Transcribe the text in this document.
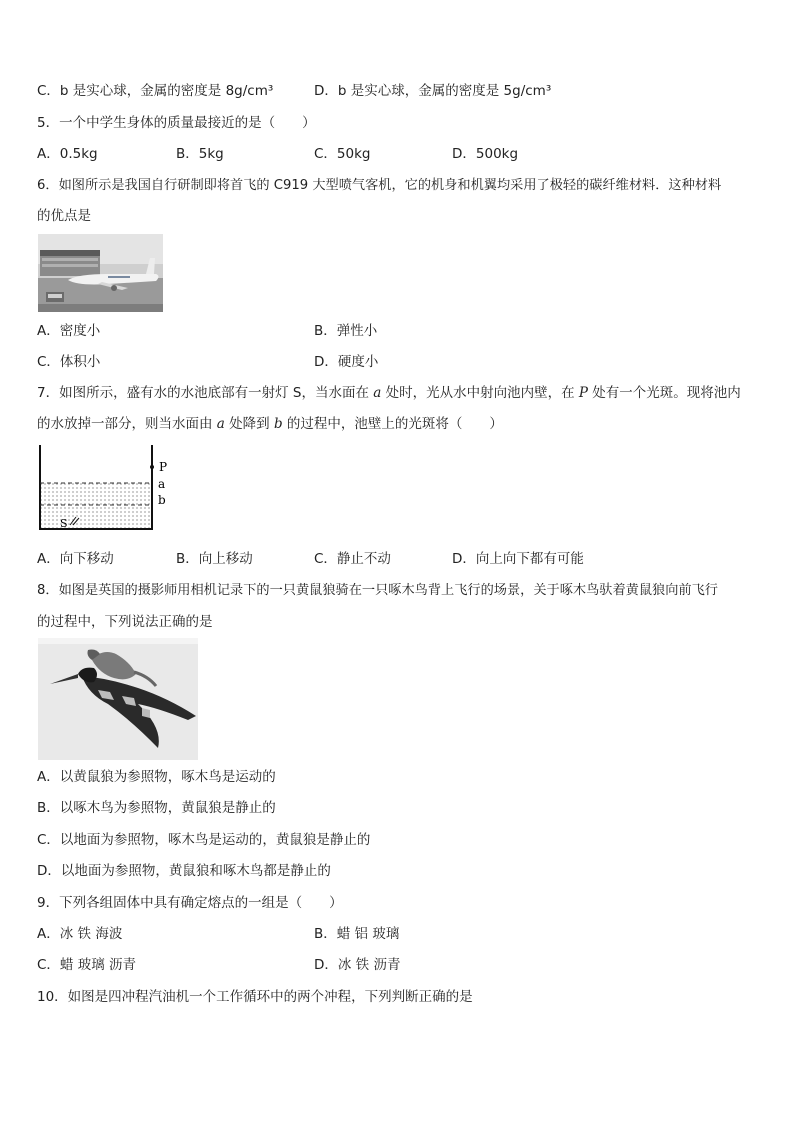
C．b 是实心球，金属的密度是 8g/cm³	D．b 是实心球，金属的密度是 5g/cm³
5．一个中学生身体的质量最接近的是（　　）
A．0.5kg	B．5kg	C．50kg	D．500kg
6．如图所示是我国自行研制即将首飞的 C919 大型喷气客机，它的机身和机翼均采用了极轻的碳纤维材料．这种材料
的优点是
A．密度小	B．弹性小
C．体积小	D．硬度小
7．如图所示，盛有水的水池底部有一射灯 S，当水面在 a 处时，光从水中射向池内壁，在 P 处有一个光斑。现将池内
的水放掉一部分，则当水面由 a 处降到 b 的过程中，池壁上的光斑将（　　）
P
a
b
S
A．向下移动	B．向上移动	C．静止不动	D．向上向下都有可能
8．如图是英国的摄影师用相机记录下的一只黄鼠狼骑在一只啄木鸟背上飞行的场景，关于啄木鸟驮着黄鼠狼向前飞行
的过程中，下列说法正确的是
A．以黄鼠狼为参照物，啄木鸟是运动的
B．以啄木鸟为参照物，黄鼠狼是静止的
C．以地面为参照物，啄木鸟是运动的，黄鼠狼是静止的
D．以地面为参照物，黄鼠狼和啄木鸟都是静止的
9．下列各组固体中具有确定熔点的一组是（　　）
A．冰 铁 海波	B．蜡 铝 玻璃
C．蜡 玻璃 沥青	D．冰 铁 沥青
10．如图是四冲程汽油机一个工作循环中的两个冲程，下列判断正确的是
